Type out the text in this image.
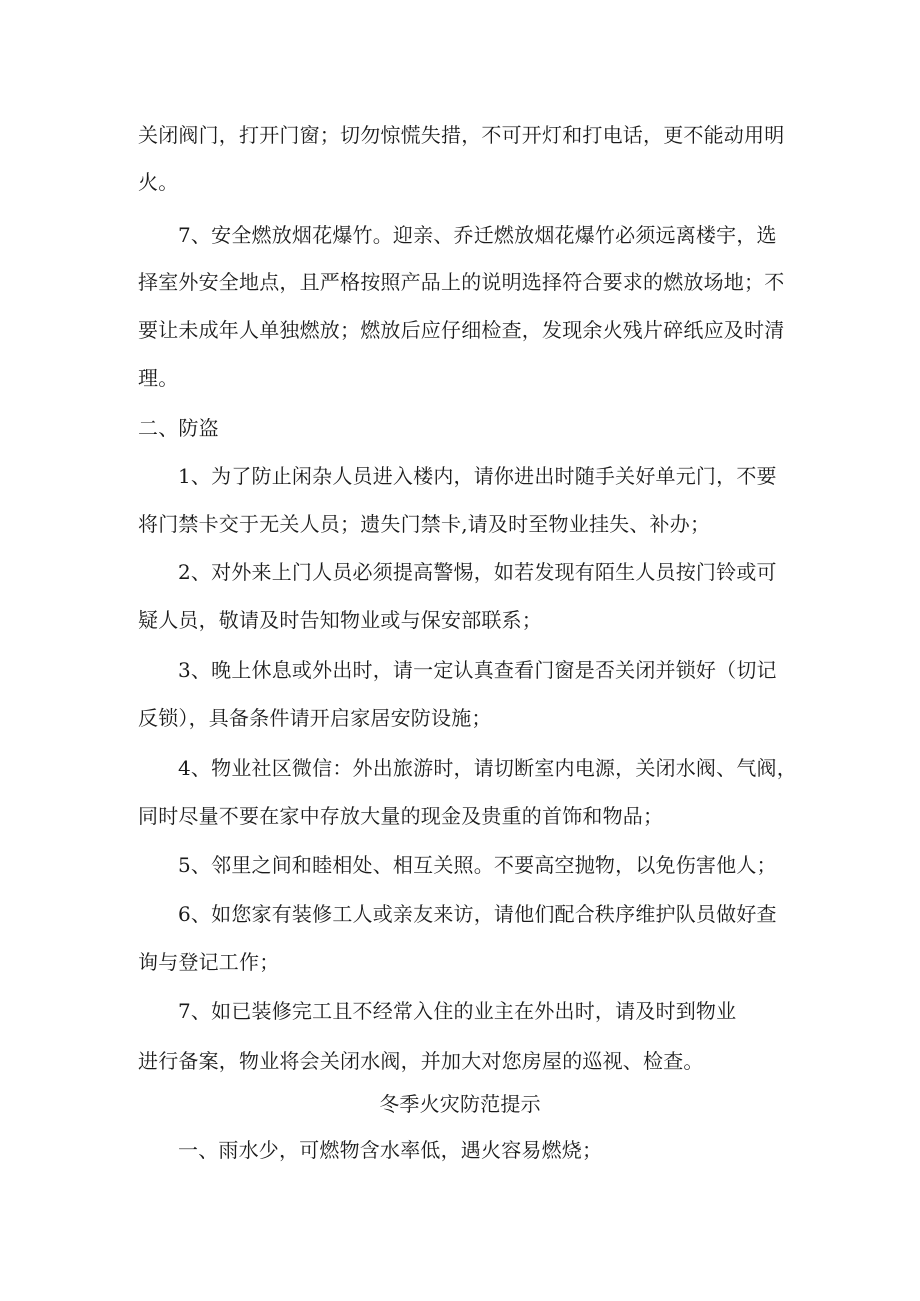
关闭阀门，打开门窗；切勿惊慌失措，不可开灯和打电话，更不能动用明
火。
7、安全燃放烟花爆竹。迎亲、乔迁燃放烟花爆竹必须远离楼宇，选
择室外安全地点，且严格按照产品上的说明选择符合要求的燃放场地；不
要让未成年人单独燃放；燃放后应仔细检查，发现余火残片碎纸应及时清
理。
二、防盗
1、为了防止闲杂人员进入楼内，请你进出时随手关好单元门，不要
将门禁卡交于无关人员；遗失门禁卡,请及时至物业挂失、补办；
2、对外来上门人员必须提高警惕，如若发现有陌生人员按门铃或可
疑人员，敬请及时告知物业或与保安部联系；
3、晚上休息或外出时，请一定认真查看门窗是否关闭并锁好（切记
反锁），具备条件请开启家居安防设施；
4、物业社区微信：外出旅游时，请切断室内电源，关闭水阀、气阀，
同时尽量不要在家中存放大量的现金及贵重的首饰和物品；
5、邻里之间和睦相处、相互关照。不要高空抛物，以免伤害他人；
6、如您家有装修工人或亲友来访，请他们配合秩序维护队员做好查
询与登记工作；
7、如已装修完工且不经常入住的业主在外出时，请及时到物业
进行备案，物业将会关闭水阀，并加大对您房屋的巡视、检查。
冬季火灾防范提示
一、雨水少，可燃物含水率低，遇火容易燃烧；
